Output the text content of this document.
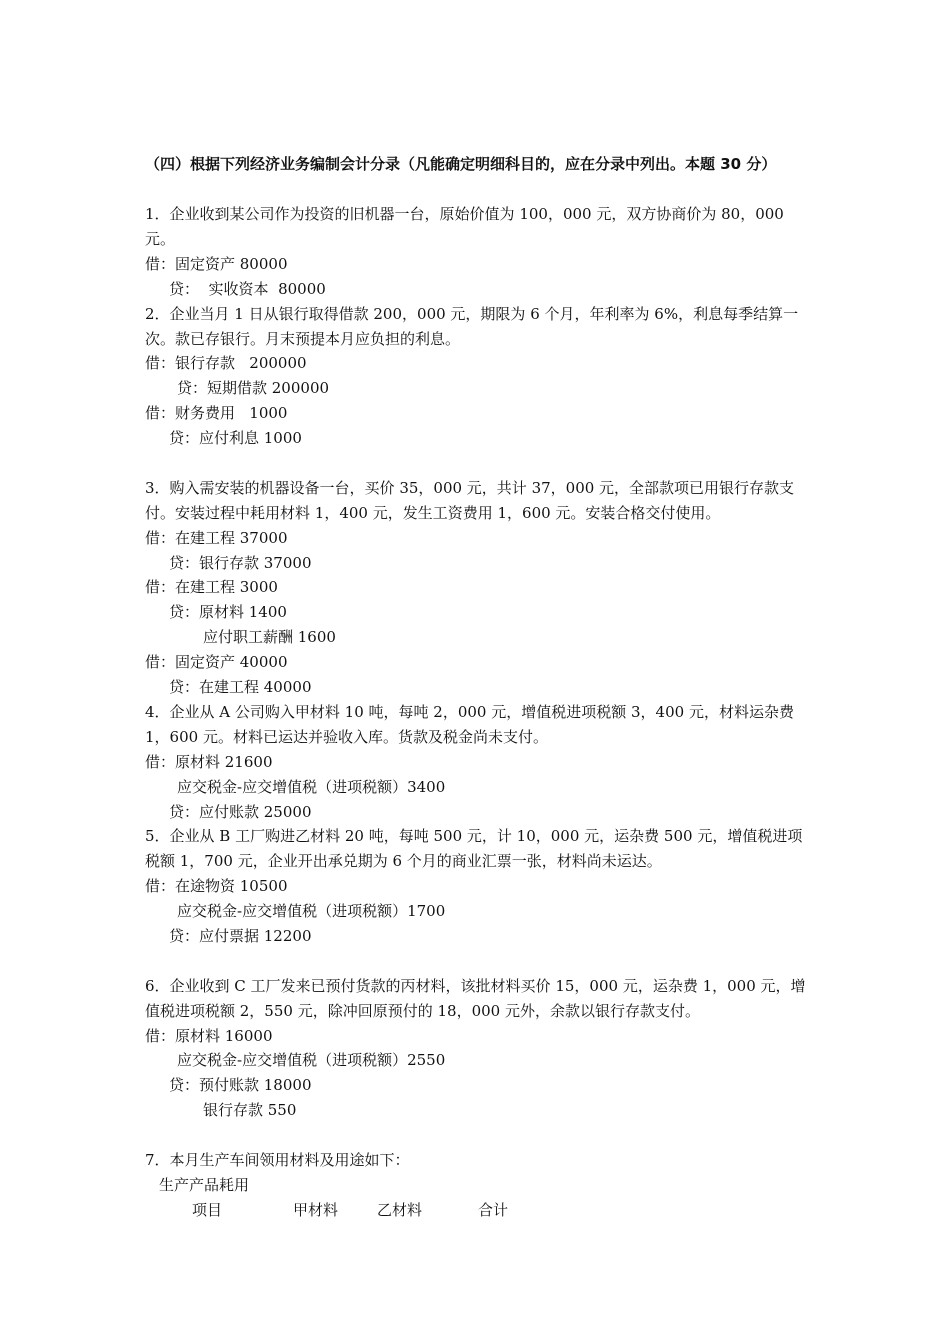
（四）根据下列经济业务编制会计分录（凡能确定明细科目的，应在分录中列出。本题 30 分）
1．企业收到某公司作为投资的旧机器一台，原始价值为 100，000 元，双方协商价为 80，000 元。
借：固定资产 80000
贷：  实收资本  80000
2．企业当月 1 日从银行取得借款 200，000 元，期限为 6 个月，年利率为 6%，利息每季结算一次。款已存银行。月末预提本月应负担的利息。
借：银行存款   200000
贷：短期借款 200000
借：财务费用   1000
贷：应付利息 1000
3．购入需安装的机器设备一台，买价 35，000 元，共计 37，000 元，全部款项已用银行存款支付。安装过程中耗用材料 1，400 元，发生工资费用 1，600 元。安装合格交付使用。
借：在建工程 37000
贷：银行存款 37000
借：在建工程 3000
贷：原材料 1400
应付职工薪酬 1600
借：固定资产 40000
贷：在建工程 40000
4．企业从 A 公司购入甲材料 10 吨，每吨 2，000 元，增值税进项税额 3，400 元，材料运杂费 1，600 元。材料已运达并验收入库。货款及税金尚未支付。
借：原材料 21600
应交税金-应交增值税（进项税额）3400
贷：应付账款 25000
5．企业从 B 工厂购进乙材料 20 吨，每吨 500 元，计 10，000 元，运杂费 500 元，增值税进项税额 1，700 元，企业开出承兑期为 6 个月的商业汇票一张，材料尚未运达。
借：在途物资 10500
应交税金-应交增值税（进项税额）1700
贷：应付票据 12200
6．企业收到 C 工厂发来已预付货款的丙材料，该批材料买价 15，000 元，运杂费 1，000 元，增值税进项税额 2，550 元，除冲回原预付的 18，000 元外，余款以银行存款支付。
借：原材料 16000
应交税金-应交增值税（进项税额）2550
贷：预付账款 18000
银行存款 550
7．本月生产车间领用材料及用途如下：
生产产品耗用
项目	甲材料	乙材料	合计
